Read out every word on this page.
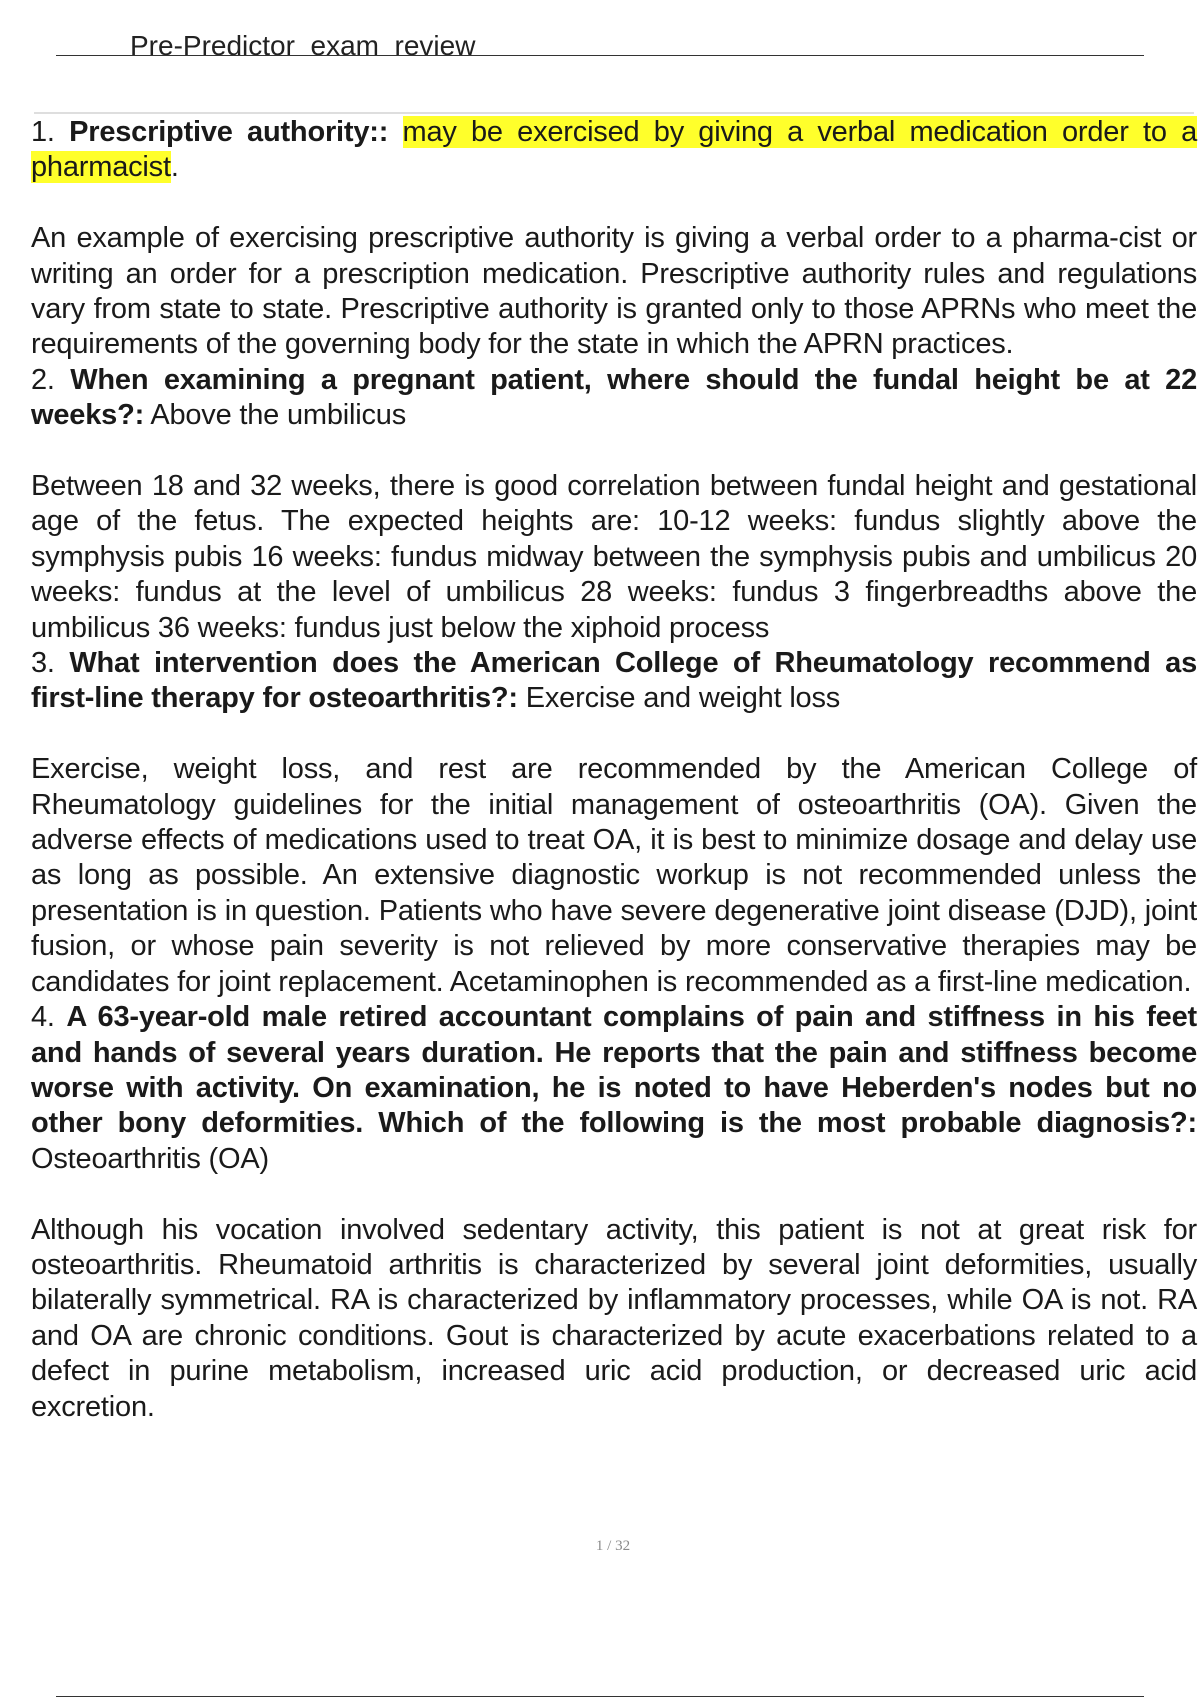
Pre-Predictor  exam  review

1. Prescriptive authority:: may be exercised by giving a verbal medication order to a pharmacist.

An example of exercising prescriptive authority is giving a verbal order to a pharma-cist or writing an order for a prescription medication. Prescriptive authority rules and regulations vary from state to state. Prescriptive authority is granted only to those APRNs who meet the requirements of the governing body for the state in which the APRN practices.

2. When examining a pregnant patient, where should the fundal height be at 22 weeks?: Above the umbilicus

Between 18 and 32 weeks, there is good correlation between fundal height and gestational age of the fetus. The expected heights are: 10-12 weeks: fundus slightly above the symphysis pubis 16 weeks: fundus midway between the symphysis pubis and umbilicus 20 weeks: fundus at the level of umbilicus 28 weeks: fundus 3 fingerbreadths above the umbilicus 36 weeks: fundus just below the xiphoid process

3. What intervention does the American College of Rheumatology recommend as first-line therapy for osteoarthritis?: Exercise and weight loss

Exercise, weight loss, and rest are recommended by the American College of Rheumatology guidelines for the initial management of osteoarthritis (OA). Given the adverse effects of medications used to treat OA, it is best to minimize dosage and delay use as long as possible. An extensive diagnostic workup is not recommended unless the presentation is in question. Patients who have severe degenerative joint disease (DJD), joint fusion, or whose pain severity is not relieved by more conservative therapies may be candidates for joint replacement. Acetaminophen is recommended as a first-line medication.

4. A 63-year-old male retired accountant complains of pain and stiffness in his feet and hands of several years duration. He reports that the pain and stiffness become worse with activity. On examination, he is noted to have Heberden's nodes but no other bony deformities. Which of the following is the most probable diagnosis?: Osteoarthritis (OA)

Although his vocation involved sedentary activity, this patient is not at great risk for osteoarthritis. Rheumatoid arthritis is characterized by several joint deformities, usually bilaterally symmetrical. RA is characterized by inflammatory processes, while OA is not. RA and OA are chronic conditions. Gout is characterized by acute exacerbations related to a defect in purine metabolism, increased uric acid production, or decreased uric acid excretion.

1 / 32
